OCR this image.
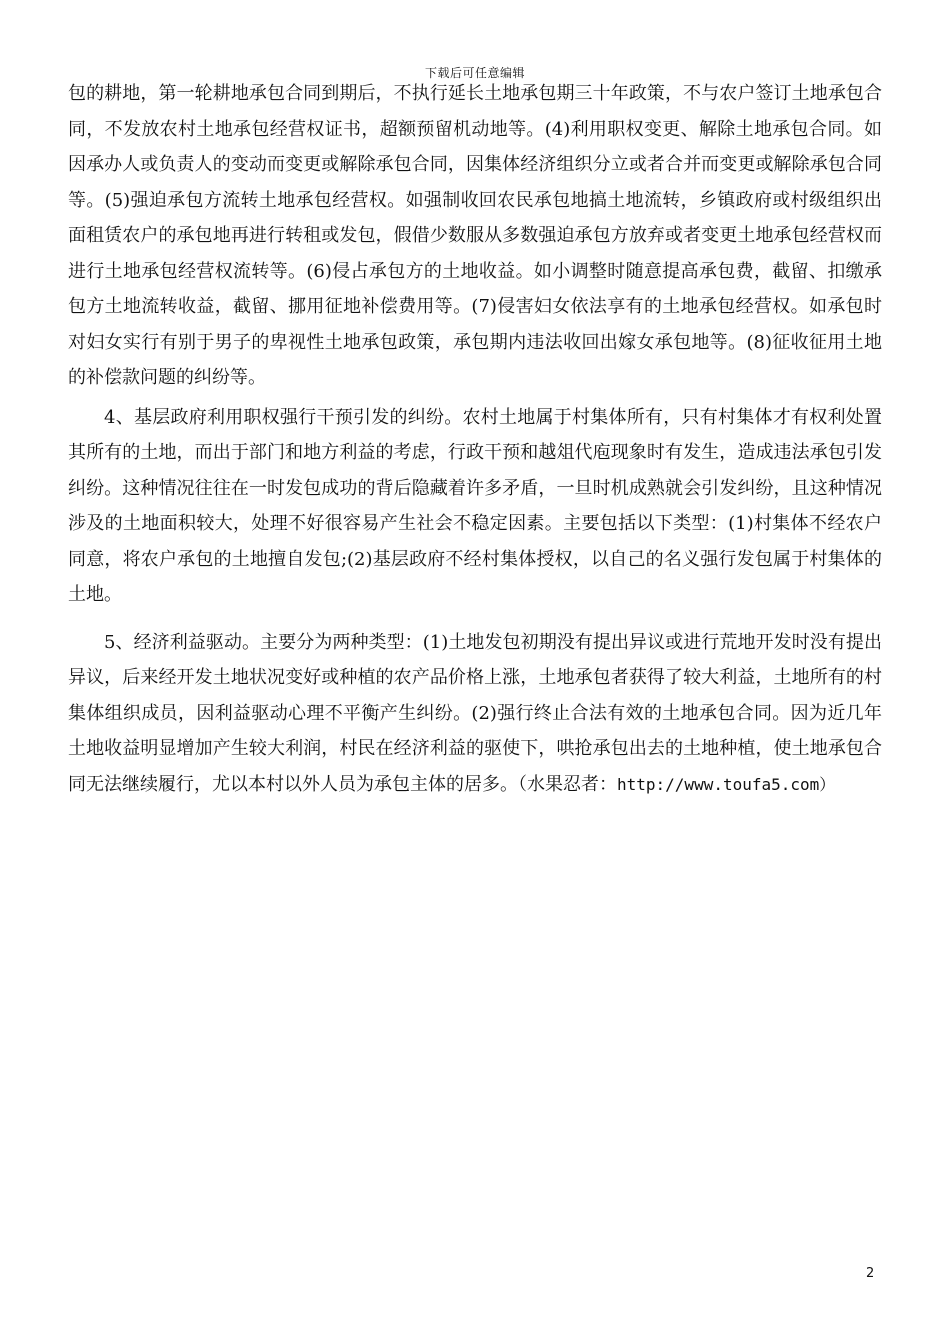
下载后可任意编辑

包的耕地，第一轮耕地承包合同到期后，不执行延长土地承包期三十年政策，不与农户签订土地承包合同，不发放农村土地承包经营权证书，超额预留机动地等。(4)利用职权变更、解除土地承包合同。如因承办人或负责人的变动而变更或解除承包合同，因集体经济组织分立或者合并而变更或解除承包合同等。(5)强迫承包方流转土地承包经营权。如强制收回农民承包地搞土地流转，乡镇政府或村级组织出面租赁农户的承包地再进行转租或发包，假借少数服从多数强迫承包方放弃或者变更土地承包经营权而进行土地承包经营权流转等。(6)侵占承包方的土地收益。如小调整时随意提高承包费，截留、扣缴承包方土地流转收益，截留、挪用征地补偿费用等。(7)侵害妇女依法享有的土地承包经营权。如承包时对妇女实行有别于男子的卑视性土地承包政策，承包期内违法收回出嫁女承包地等。(8)征收征用土地的补偿款问题的纠纷等。

4、基层政府利用职权强行干预引发的纠纷。农村土地属于村集体所有，只有村集体才有权利处置其所有的土地，而出于部门和地方利益的考虑，行政干预和越俎代庖现象时有发生，造成违法承包引发纠纷。这种情况往往在一时发包成功的背后隐藏着许多矛盾，一旦时机成熟就会引发纠纷，且这种情况涉及的土地面积较大，处理不好很容易产生社会不稳定因素。主要包括以下类型：(1)村集体不经农户同意，将农户承包的土地擅自发包;(2)基层政府不经村集体授权，以自己的名义强行发包属于村集体的土地。

5、经济利益驱动。主要分为两种类型：(1)土地发包初期没有提出异议或进行荒地开发时没有提出异议，后来经开发土地状况变好或种植的农产品价格上涨，土地承包者获得了较大利益，土地所有的村集体组织成员，因利益驱动心理不平衡产生纠纷。(2)强行终止合法有效的土地承包合同。因为近几年土地收益明显增加产生较大利润，村民在经济利益的驱使下，哄抢承包出去的土地种植，使土地承包合同无法继续履行，尤以本村以外人员为承包主体的居多。（水果忍者：http://www.toufa5.com）

2
